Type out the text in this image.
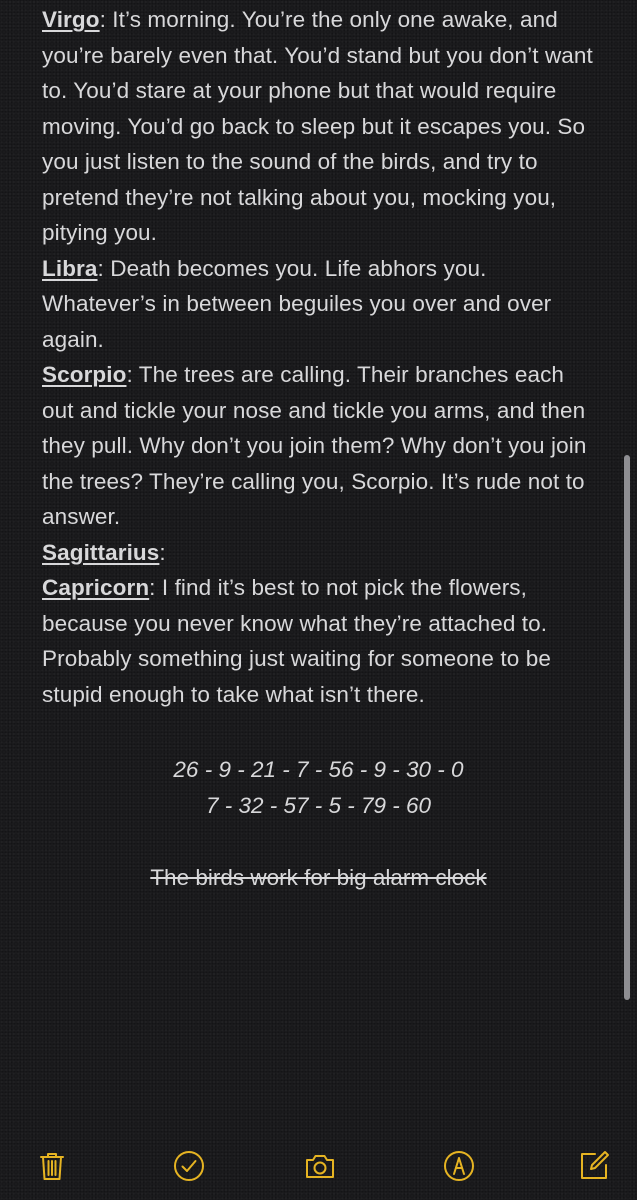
Virgo: It’s morning. You’re the only one awake, and you’re barely even that. You’d stand but you don’t want to. You’d stare at your phone but that would require moving. You’d go back to sleep but it escapes you. So you just listen to the sound of the birds, and try to pretend they’re not talking about you, mocking you, pitying you.

Libra: Death becomes you. Life abhors you. Whatever’s in between beguiles you over and over again.

Scorpio: The trees are calling. Their branches each out and tickle your nose and tickle you arms, and then they pull. Why don’t you join them? Why don’t you join the trees? They’re calling you, Scorpio. It’s rude not to answer.

Sagittarius:

Capricorn: I find it’s best to not pick the flowers, because you never know what they’re attached to. Probably something just waiting for someone to be stupid enough to take what isn’t there.

26 - 9 - 21 - 7 - 56 - 9 - 30 - 0
7 - 32 - 57 - 5 - 79 - 60
The birds work for big alarm clock
